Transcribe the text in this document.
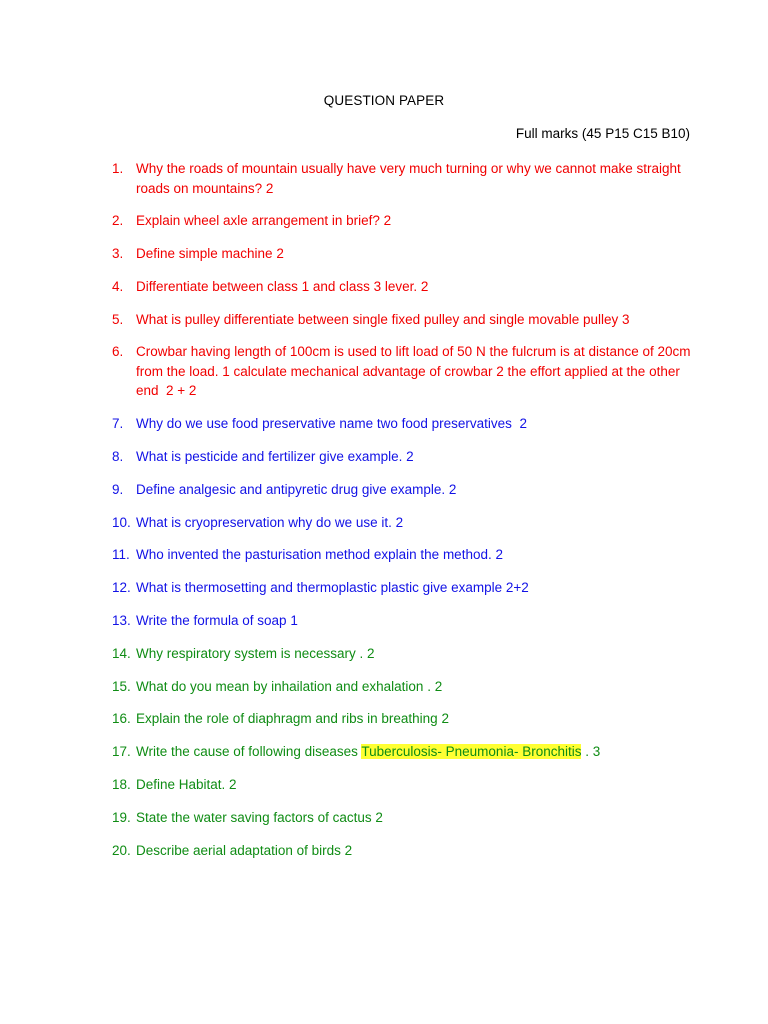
QUESTION PAPER
Full marks (45 P15 C15 B10)
1. Why the roads of mountain usually have very much turning or why we cannot make straight roads on mountains? 2
2. Explain wheel axle arrangement in brief? 2
3. Define simple machine 2
4. Differentiate between class 1 and class 3 lever. 2
5. What is pulley differentiate between single fixed pulley and single movable pulley 3
6. Crowbar having length of 100cm is used to lift load of 50 N the fulcrum is at distance of 20cm from the load. 1 calculate mechanical advantage of crowbar 2 the effort applied at the other end  2 + 2
7. Why do we use food preservative name two food preservatives  2
8. What is pesticide and fertilizer give example. 2
9. Define analgesic and antipyretic drug give example. 2
10. What is cryopreservation why do we use it. 2
11. Who invented the pasturisation method explain the method. 2
12. What is thermosetting and thermoplastic plastic give example 2+2
13. Write the formula of soap 1
14. Why respiratory system is necessary . 2
15. What do you mean by inhailation and exhalation . 2
16. Explain the role of diaphragm and ribs in breathing 2
17. Write the cause of following diseases Tuberculosis- Pneumonia- Bronchitis . 3
18. Define Habitat. 2
19. State the water saving factors of cactus 2
20. Describe aerial adaptation of birds 2
